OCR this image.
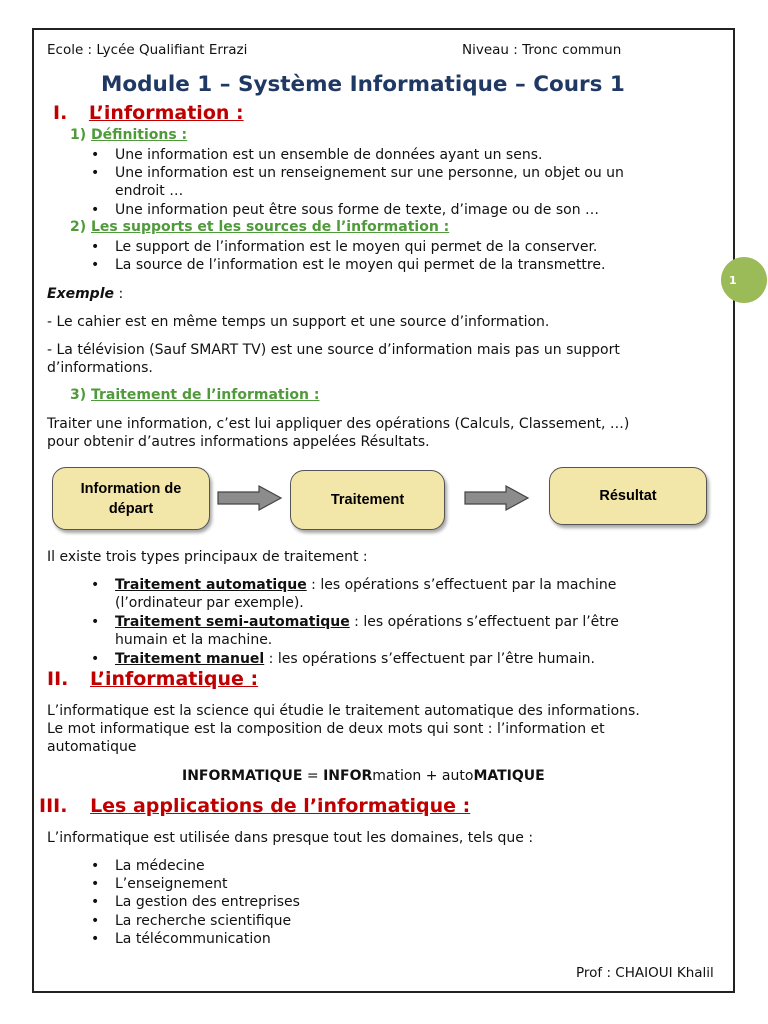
Ecole : Lycée Qualifiant Errazi	Niveau : Tronc commun
Module 1 – Système Informatique – Cours 1
1
I. L’information :
1) Définitions :
• Une information est un ensemble de données ayant un sens.
• Une information est un renseignement sur une personne, un objet ou un
endroit …
• Une information peut être sous forme de texte, d’image ou de son …
2) Les supports et les sources de l’information :
• Le support de l’information est le moyen qui permet de la conserver.
• La source de l’information est le moyen qui permet de la transmettre.
Exemple :
- Le cahier est en même temps un support et une source d’information.
- La télévision (Sauf SMART TV) est une source d’information mais pas un support
d’informations.
3) Traitement de l’information :
Traiter une information, c’est lui appliquer des opérations (Calculs, Classement, …)
pour obtenir d’autres informations appelées Résultats.
Information de
départ
Traitement	Résultat
Il existe trois types principaux de traitement :
• Traitement automatique : les opérations s’effectuent par la machine
(l’ordinateur par exemple).
• Traitement semi-automatique : les opérations s’effectuent par l’être
humain et la machine.
• Traitement manuel : les opérations s’effectuent par l’être humain.
II. L’informatique :
L’informatique est la science qui étudie le traitement automatique des informations.
Le mot informatique est la composition de deux mots qui sont : l’information et
automatique
INFORMATIQUE = INFORmation + autoMATIQUE
III. Les applications de l’informatique :
L’informatique est utilisée dans presque tout les domaines, tels que :
• La médecine
• L’enseignement
• La gestion des entreprises
• La recherche scientifique
• La télécommunication
Prof : CHAIOUI Khalil
